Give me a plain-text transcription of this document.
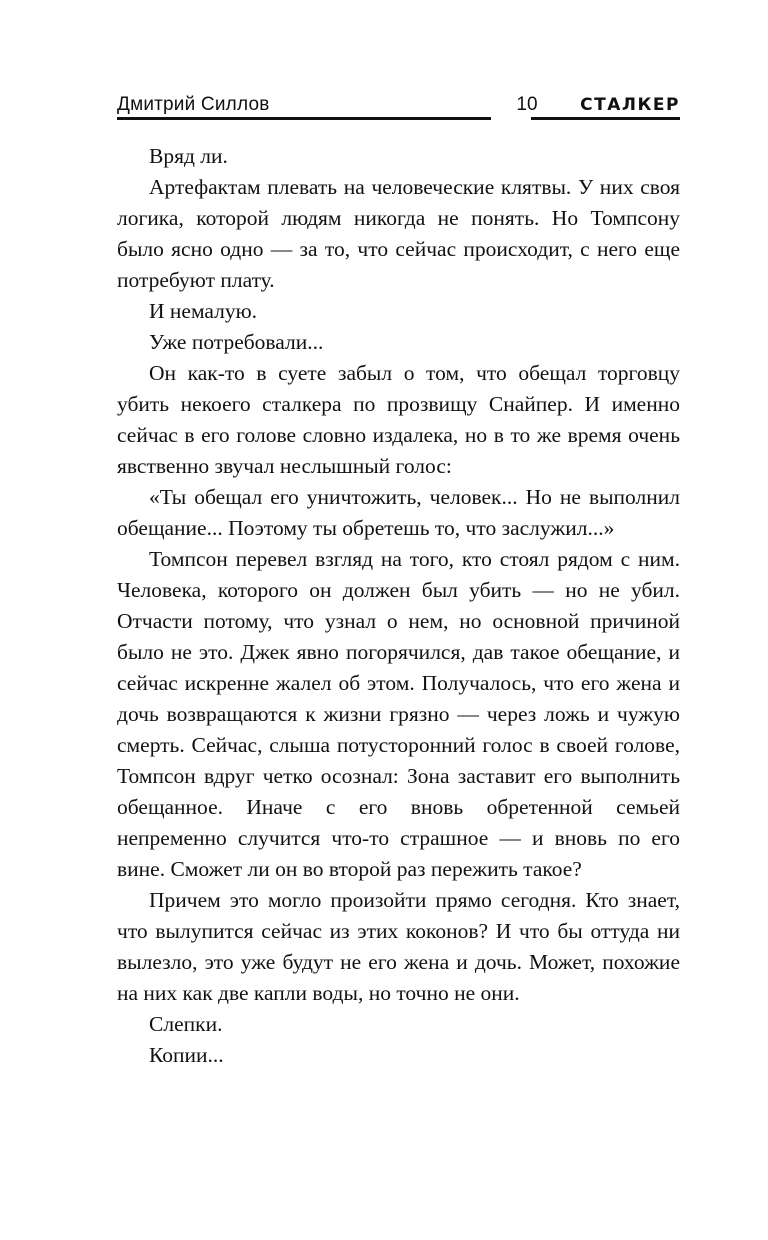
Дмитрий Силлов	10	СТАЛКЕР

Вряд ли.

Артефактам плевать на человеческие клятвы. У них своя логика, которой людям никогда не понять. Но Томпсону было ясно одно — за то, что сейчас происходит, с него еще потребуют плату.

И немалую.

Уже потребовали...

Он как-то в суете забыл о том, что обещал торговцу убить некоего сталкера по прозвищу Снайпер. И именно сейчас в его голове словно издалека, но в то же время очень явственно звучал неслышный голос:

«Ты обещал его уничтожить, человек... Но не выполнил обещание... Поэтому ты обретешь то, что заслужил...»

Томпсон перевел взгляд на того, кто стоял рядом с ним. Человека, которого он должен был убить — но не убил. Отчасти потому, что узнал о нем, но основной причиной было не это. Джек явно погорячился, дав такое обещание, и сейчас искренне жалел об этом. Получалось, что его жена и дочь возвращаются к жизни грязно — через ложь и чужую смерть. Сейчас, слыша потусторонний голос в своей голове, Томпсон вдруг четко осознал: Зона заставит его выполнить обещанное. Иначе с его вновь обретенной семьей непременно случится что-то страшное — и вновь по его вине. Сможет ли он во второй раз пережить такое?

Причем это могло произойти прямо сегодня. Кто знает, что вылупится сейчас из этих коконов? И что бы оттуда ни вылезло, это уже будут не его жена и дочь. Может, похожие на них как две капли воды, но точно не они.

Слепки.

Копии...
